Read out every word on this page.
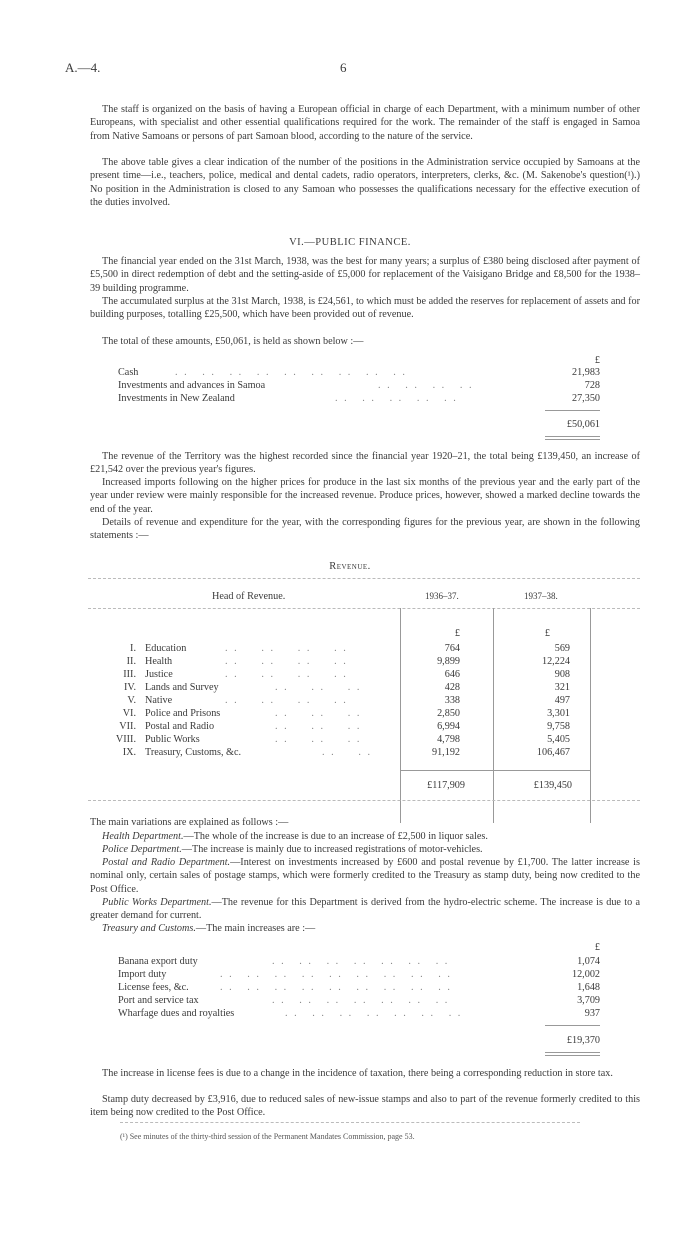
A.—4.	6

The staff is organized on the basis of having a European official in charge of each Department, with a minimum number of other Europeans, with specialist and other essential qualifications required for the work. The remainder of the staff is engaged in Samoa from Native Samoans or persons of part Samoan blood, according to the nature of the service.

The above table gives a clear indication of the number of the positions in the Administration service occupied by Samoans at the present time—i.e., teachers, police, medical and dental cadets, radio operators, interpreters, clerks, &c. (M. Sakenobe's question(¹).) No position in the Administration is closed to any Samoan who possesses the qualifications necessary for the effective execution of the duties involved.

VI.—PUBLIC FINANCE.

The financial year ended on the 31st March, 1938, was the best for many years; a surplus of £380 being disclosed after payment of £5,500 in direct redemption of debt and the setting-aside of £5,000 for replacement of the Vaisigano Bridge and £8,500 for the 1938–39 building programme.

The accumulated surplus at the 31st March, 1938, is £24,561, to which must be added the reserves for replacement of assets and for building purposes, totalling £25,500, which have been provided out of revenue.

The total of these amounts, £50,061, is held as shown below :—

£
Cash	. .   . .   . .   . .   . .   . .   . .   . .   . .	21,983
Investments and advances in Samoa	. .   . .   . .   . .	728
Investments in New Zealand	. .   . .   . .   . .   . .	27,350
£50,061

The revenue of the Territory was the highest recorded since the financial year 1920–21, the total being £139,450, an increase of £21,542 over the previous year's figures.

Increased imports following on the higher prices for produce in the last six months of the previous year and the early part of the year under review were mainly responsible for the increased revenue. Produce prices, however, showed a marked decline towards the end of the year.

Details of revenue and expenditure for the year, with the corresponding figures for the previous year, are shown in the following statements :—

Revenue.
Head of Revenue.	1936–37.	1937–38.
£	£
I. Education	. .     . .     . .     . .	764	569
II. Health	. .     . .     . .     . .	9,899	12,224
III. Justice	. .     . .     . .     . .	646	908
IV. Lands and Survey	. .     . .     . .	428	321
V. Native	. .     . .     . .     . .	338	497
VI. Police and Prisons	. .     . .     . .	2,850	3,301
VII. Postal and Radio	. .     . .     . .	6,994	9,758
VIII. Public Works	. .     . .     . .	4,798	5,405
IX. Treasury, Customs, &c.	. .     . .	91,192	106,467
£117,909	£139,450
The main variations are explained as follows :—

Health Department.—The whole of the increase is due to an increase of £2,500 in liquor sales.

Police Department.—The increase is mainly due to increased registrations of motor-vehicles.

Postal and Radio Department.—Interest on investments increased by £600 and postal revenue by £1,700. The latter increase is nominal only, certain sales of postage stamps, which were formerly credited to the Treasury as stamp duty, being now credited to the Post Office.

Public Works Department.—The revenue for this Department is derived from the hydro-electric scheme. The increase is due to a greater demand for current.

Treasury and Customs.—The main increases are :—

£
Banana export duty	. .   . .   . .   . .   . .   . .   . .	1,074
Import duty	. .   . .   . .   . .   . .   . .   . .   . .   . .	12,002
License fees, &c.	. .   . .   . .   . .   . .   . .   . .   . .   . .	1,648
Port and service tax	. .   . .   . .   . .   . .   . .   . .	3,709
Wharfage dues and royalties	. .   . .   . .   . .   . .   . .   . .	937
£19,370

The increase in license fees is due to a change in the incidence of taxation, there being a corresponding reduction in store tax.

Stamp duty decreased by £3,916, due to reduced sales of new-issue stamps and also to part of the revenue formerly credited to this item being now credited to the Post Office.

(¹) See minutes of the thirty-third session of the Permanent Mandates Commission, page 53.
